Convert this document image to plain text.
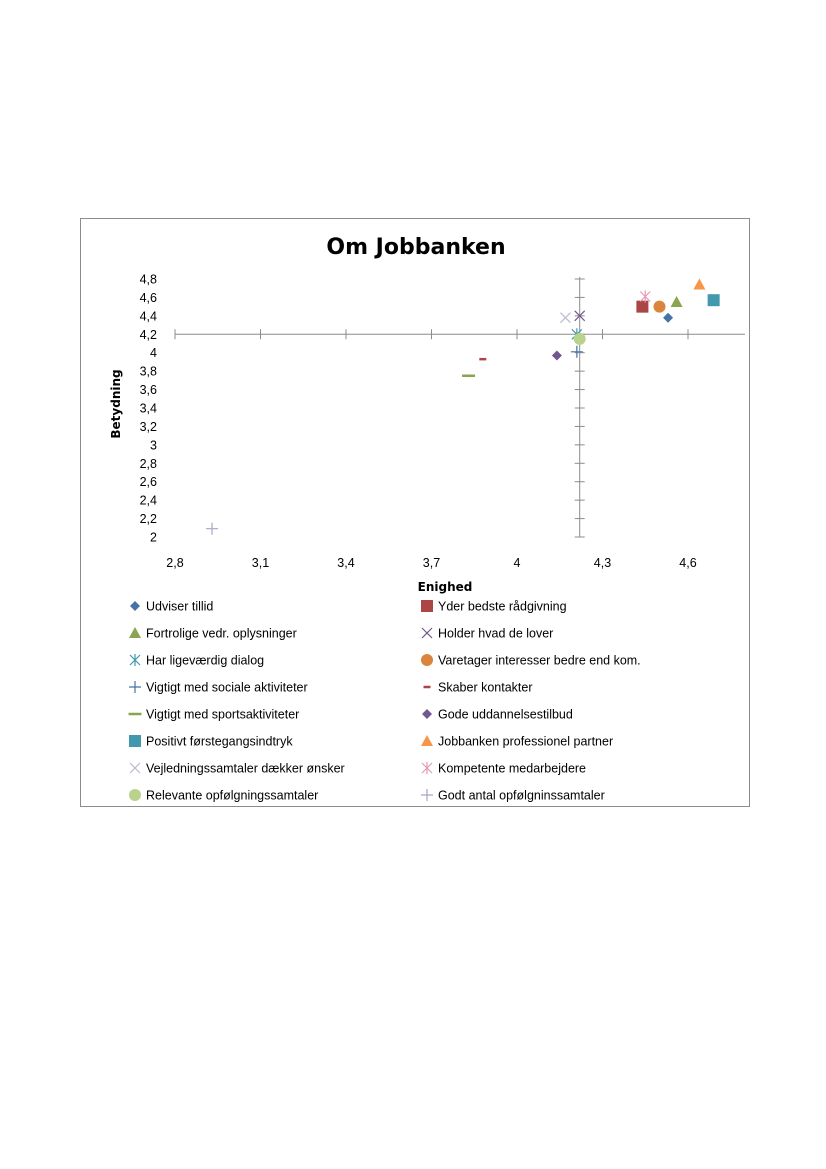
Om Jobbanken
2,8	3,1	3,4	3,7	4	4,3	4,6
2
2,2
2,4
2,6
2,8
3
3,2
3,4
3,6
3,8
4
4,2
4,4
4,6
4,8
Enighed
Betydning
Udviser tillid	Yder bedste rådgivning
Fortrolige vedr. oplysninger	Holder hvad de lover
Har ligeværdig dialog	Varetager interesser bedre end kom.
Vigtigt med sociale aktiviteter	Skaber kontakter
Vigtigt med sportsaktiviteter	Gode uddannelsestilbud
Positivt førstegangsindtryk	Jobbanken professionel partner
Vejledningssamtaler dækker ønsker	Kompetente medarbejdere
Relevante opfølgningssamtaler	Godt antal opfølgninssamtaler
